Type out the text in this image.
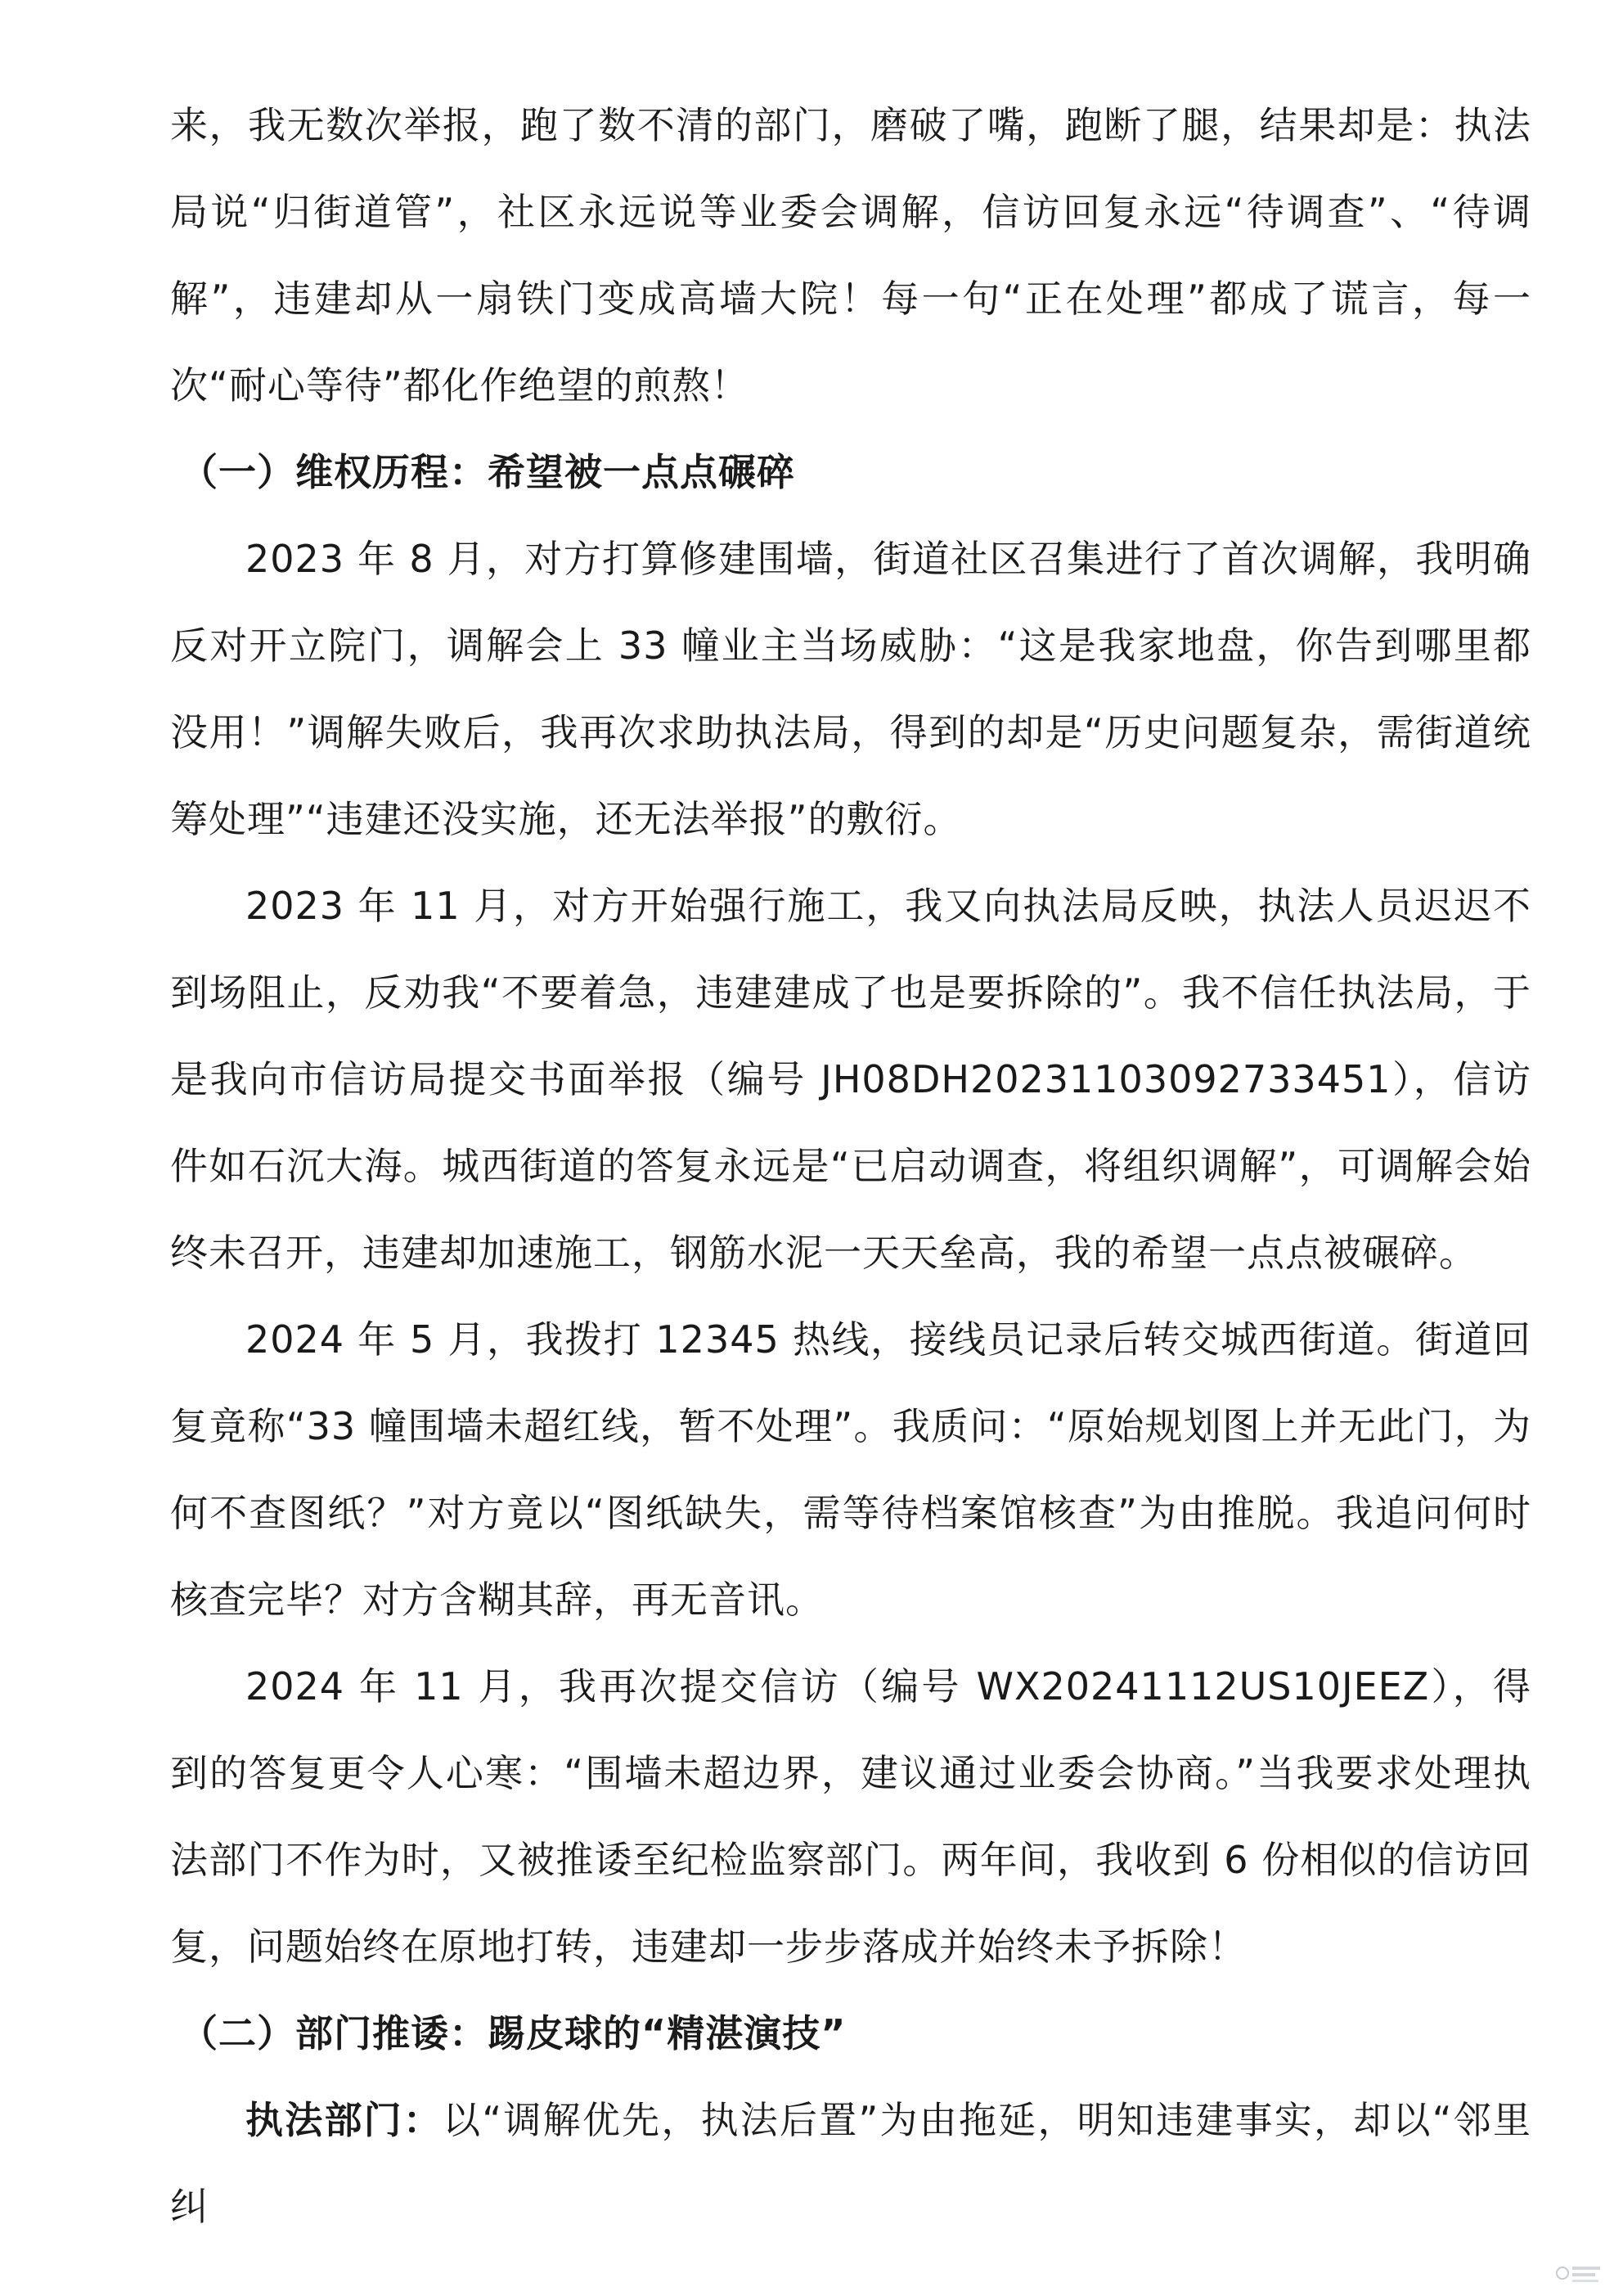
来，我无数次举报，跑了数不清的部门，磨破了嘴，跑断了腿，结果却是：执法局说“归街道管”，社区永远说等业委会调解，信访回复永远“待调查”、“待调解”，违建却从一扇铁门变成高墙大院！每一句“正在处理”都成了谎言，每一次“耐心等待”都化作绝望的煎熬！

（一）维权历程：希望被一点点碾碎

2023 年 8 月，对方打算修建围墙，街道社区召集进行了首次调解，我明确反对开立院门，调解会上 33 幢业主当场威胁：“这是我家地盘，你告到哪里都没用！”调解失败后，我再次求助执法局，得到的却是“历史问题复杂，需街道统筹处理”“违建还没实施，还无法举报”的敷衍。

2023 年 11 月，对方开始强行施工，我又向执法局反映，执法人员迟迟不到场阻止，反劝我“不要着急，违建建成了也是要拆除的”。我不信任执法局，于是我向市信访局提交书面举报（编号 JH08DH20231103092733451），信访件如石沉大海。城西街道的答复永远是“已启动调查，将组织调解”，可调解会始终未召开，违建却加速施工，钢筋水泥一天天垒高，我的希望一点点被碾碎。

2024 年 5 月，我拨打 12345 热线，接线员记录后转交城西街道。街道回复竟称“33 幢围墙未超红线，暂不处理”。我质问：“原始规划图上并无此门，为何不查图纸？”对方竟以“图纸缺失，需等待档案馆核查”为由推脱。我追问何时核查完毕？对方含糊其辞，再无音讯。

2024 年 11 月，我再次提交信访（编号 WX20241112US10JEEZ），得到的答复更令人心寒：“围墙未超边界，建议通过业委会协商。”当我要求处理执法部门不作为时，又被推诿至纪检监察部门。两年间，我收到 6 份相似的信访回复，问题始终在原地打转，违建却一步步落成并始终未予拆除！

（二）部门推诿：踢皮球的“精湛演技”

执法部门：以“调解优先，执法后置”为由拖延，明知违建事实，却以“邻里纠
